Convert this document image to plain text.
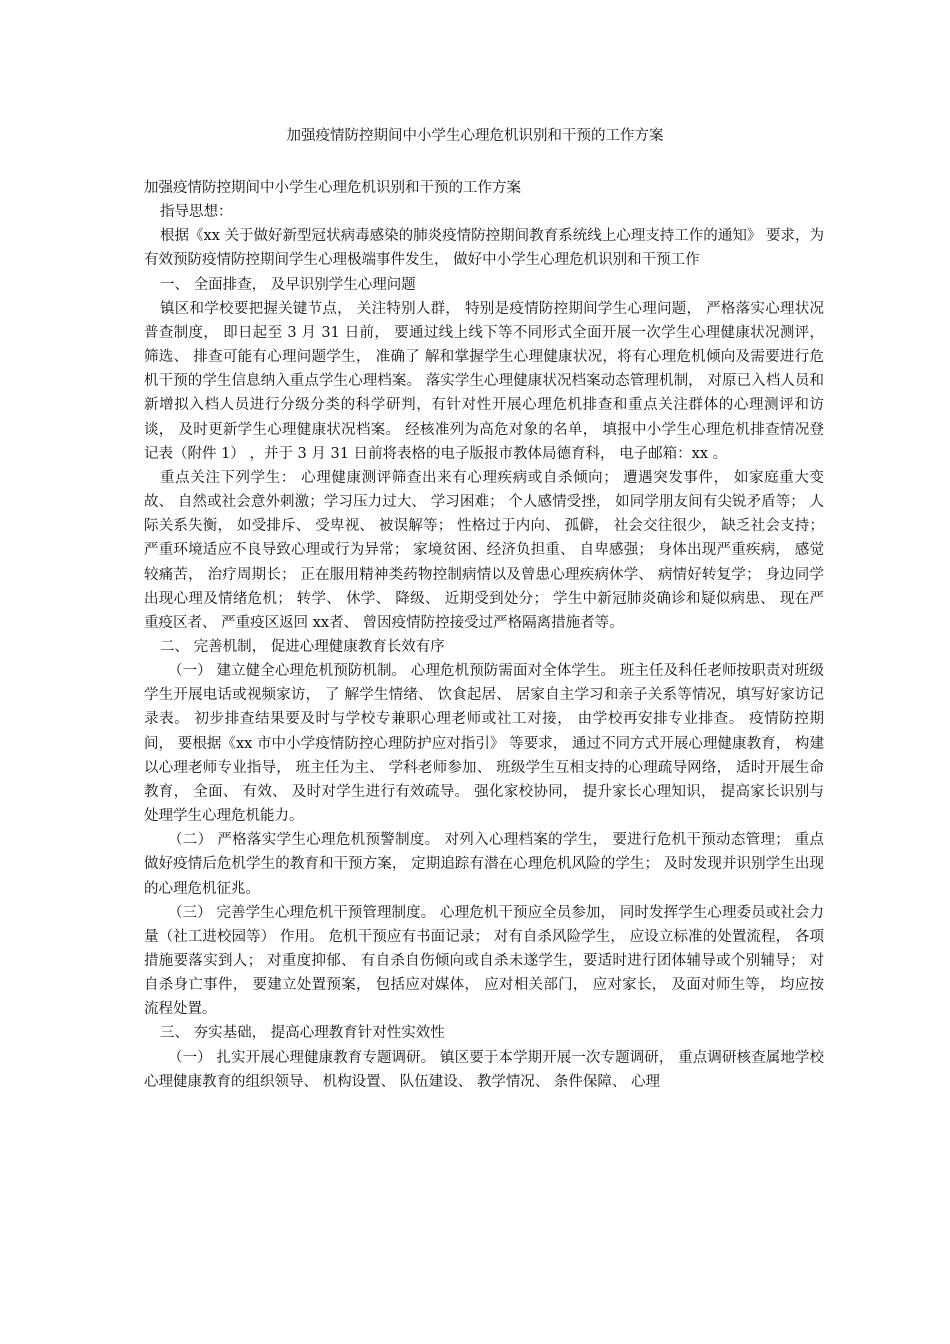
加强疫情防控期间中小学生心理危机识别和干预的工作方案

加强疫情防控期间中小学生心理危机识别和干预的工作方案

指导思想：

根据《xx 关于做好新型冠状病毒感染的肺炎疫情防控期间教育系统线上心理支持工作的通知》 要求，为有效预防疫情防控期间学生心理极端事件发生， 做好中小学生心理危机识别和干预工作

一、 全面排查， 及早识别学生心理问题

镇区和学校要把握关键节点， 关注特别人群， 特别是疫情防控期间学生心理问题， 严格落实心理状况普查制度， 即日起至 3 月 31 日前， 要通过线上线下等不同形式全面开展一次学生心理健康状况测评， 筛选、 排查可能有心理问题学生， 准确了 解和掌握学生心理健康状况，将有心理危机倾向及需要进行危机干预的学生信息纳入重点学生心理档案。 落实学生心理健康状况档案动态管理机制， 对原已入档人员和新增拟入档人员进行分级分类的科学研判，有针对性开展心理危机排查和重点关注群体的心理测评和访谈， 及时更新学生心理健康状况档案。 经核准列为高危对象的名单， 填报中小学生心理危机排查情况登记表（附件 1） ，并于 3 月 31 日前将表格的电子版报市教体局德育科， 电子邮箱：xx 。

重点关注下列学生： 心理健康测评筛查出来有心理疾病或自杀倾向； 遭遇突发事件， 如家庭重大变故、 自然或社会意外刺激；学习压力过大、 学习困难； 个人感情受挫， 如同学朋友间有尖锐矛盾等； 人际关系失衡， 如受排斥、 受卑视、 被误解等； 性格过于内向、 孤僻， 社会交往很少， 缺乏社会支持； 严重环境适应不良导致心理或行为异常； 家境贫困、经济负担重、 自卑感强； 身体出现严重疾病， 感觉较痛苦， 治疗周期长； 正在服用精神类药物控制病情以及曾患心理疾病休学、 病情好转复学； 身边同学出现心理及情绪危机； 转学、 休学、 降级、 近期受到处分； 学生中新冠肺炎确诊和疑似病患、 现在严重疫区者、 严重疫区返回 xx者、 曾因疫情防控接受过严格隔离措施者等。

二、 完善机制， 促进心理健康教育长效有序

（一） 建立健全心理危机预防机制。 心理危机预防需面对全体学生。 班主任及科任老师按职责对班级学生开展电话或视频家访， 了 解学生情绪、 饮食起居、 居家自主学习和亲子关系等情况，填写好家访记录表。 初步排查结果要及时与学校专兼职心理老师或社工对接， 由学校再安排专业排查。 疫情防控期间， 要根据《xx 市中小学疫情防控心理防护应对指引》 等要求， 通过不同方式开展心理健康教育， 构建以心理老师专业指导， 班主任为主、 学科老师参加、 班级学生互相支持的心理疏导网络， 适时开展生命教育， 全面、 有效、 及时对学生进行有效疏导。 强化家校协同， 提升家长心理知识， 提高家长识别与处理学生心理危机能力。

（二） 严格落实学生心理危机预警制度。 对列入心理档案的学生， 要进行危机干预动态管理； 重点做好疫情后危机学生的教育和干预方案， 定期追踪有潜在心理危机风险的学生； 及时发现并识别学生出现的心理危机征兆。

（三） 完善学生心理危机干预管理制度。 心理危机干预应全员参加， 同时发挥学生心理委员或社会力量（社工进校园等） 作用。 危机干预应有书面记录； 对有自杀风险学生， 应设立标准的处置流程， 各项措施要落实到人； 对重度抑郁、 有自杀自伤倾向或自杀未遂学生，要适时进行团体辅导或个别辅导； 对自杀身亡事件， 要建立处置预案， 包括应对媒体， 应对相关部门， 应对家长， 及面对师生等， 均应按流程处置。

三、 夯实基础， 提高心理教育针对性实效性

（一） 扎实开展心理健康教育专题调研。 镇区要于本学期开展一次专题调研， 重点调研核查属地学校心理健康教育的组织领导、 机构设置、 队伍建设、 教学情况、 条件保障、 心理
